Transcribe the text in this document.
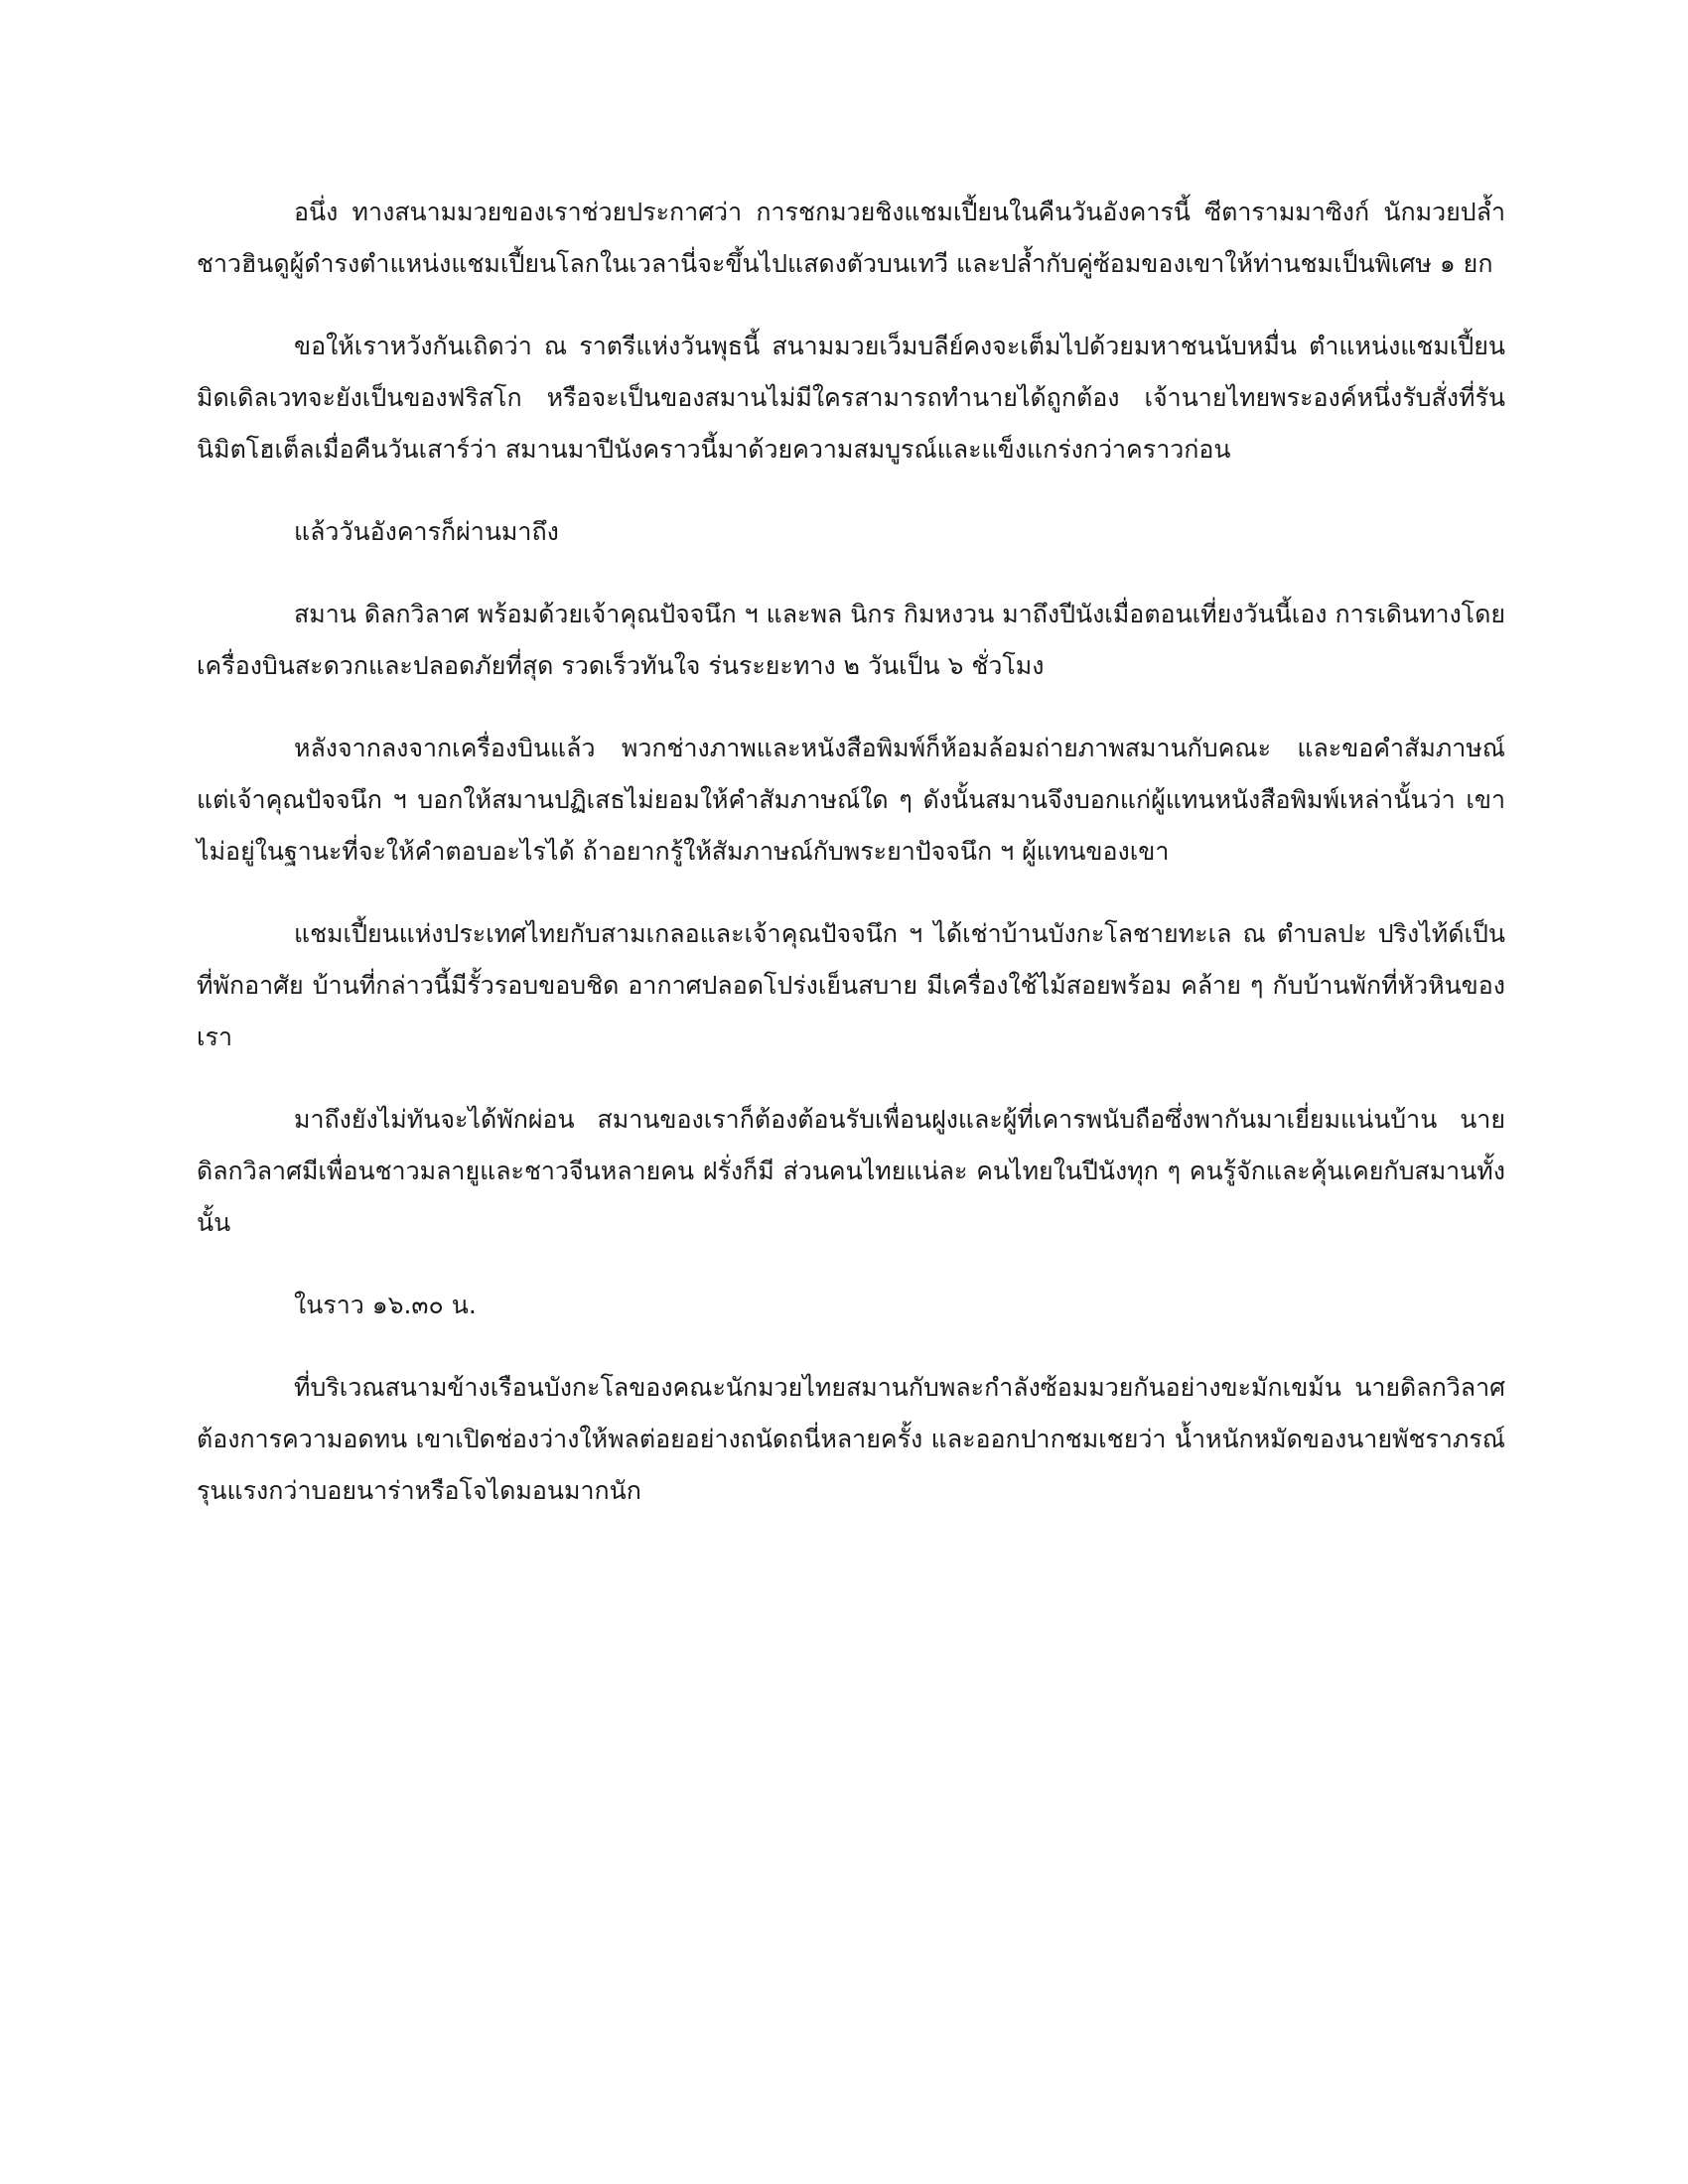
อนึ่ง ทางสนามมวยของเราช่วยประกาศว่า การชกมวยชิงแชมเปี้ยนในคืนวันอังคารนี้ ซีตารามมาซิงก์ นักมวยปล้ำชาวฮินดูผู้ดำรงตำแหน่งแชมเปี้ยนโลกในเวลานี่จะขึ้นไปแสดงตัวบนเทวี และปล้ำกับคู่ซ้อมของเขาให้ท่านชมเป็นพิเศษ ๑ ยก

ขอให้เราหวังกันเถิดว่า ณ ราตรีแห่งวันพุธนี้ สนามมวยเว็มบลีย์คงจะเต็มไปด้วยมหาชนนับหมื่น ตำแหน่งแชมเปี้ยนมิดเดิลเวทจะยังเป็นของฟริสโก หรือจะเป็นของสมานไม่มีใครสามารถทำนายได้ถูกต้อง เจ้านายไทยพระองค์หนึ่งรับสั่งที่รันนิมิตโฮเต็ลเมื่อคืนวันเสาร์ว่า สมานมาปีนังคราวนี้มาด้วยความสมบูรณ์และแข็งแกร่งกว่าคราวก่อน

แล้ววันอังคารก็ผ่านมาถึง

สมาน ดิลกวิลาศ พร้อมด้วยเจ้าคุณปัจจนึก ฯ และพล นิกร กิมหงวน มาถึงปีนังเมื่อตอนเที่ยงวันนี้เอง การเดินทางโดยเครื่องบินสะดวกและปลอดภัยที่สุด รวดเร็วทันใจ ร่นระยะทาง ๒ วันเป็น ๖ ชั่วโมง

หลังจากลงจากเครื่องบินแล้ว พวกช่างภาพและหนังสือพิมพ์ก็ห้อมล้อมถ่ายภาพสมานกับคณะ และขอคำสัมภาษณ์ แต่เจ้าคุณปัจจนึก ฯ บอกให้สมานปฏิเสธไม่ยอมให้คำสัมภาษณ์ใด ๆ ดังนั้นสมานจึงบอกแก่ผู้แทนหนังสือพิมพ์เหล่านั้นว่า เขาไม่อยู่ในฐานะที่จะให้คำตอบอะไรได้ ถ้าอยากรู้ให้สัมภาษณ์กับพระยาปัจจนึก ฯ ผู้แทนของเขา

แชมเปี้ยนแห่งประเทศไทยกับสามเกลอและเจ้าคุณปัจจนึก ฯ ได้เช่าบ้านบังกะโลชายทะเล ณ ตำบลปะ ปริงไท้ด์เป็นที่พักอาศัย บ้านที่กล่าวนี้มีรั้วรอบขอบชิด อากาศปลอดโปร่งเย็นสบาย มีเครื่องใช้ไม้สอยพร้อม คล้าย ๆ กับบ้านพักที่หัวหินของเรา

มาถึงยังไม่ทันจะได้พักผ่อน สมานของเราก็ต้องต้อนรับเพื่อนฝูงและผู้ที่เคารพนับถือซึ่งพากันมาเยี่ยมแน่นบ้าน นายดิลกวิลาศมีเพื่อนชาวมลายูและชาวจีนหลายคน ฝรั่งก็มี ส่วนคนไทยแน่ละ คนไทยในปีนังทุก ๆ คนรู้จักและคุ้นเคยกับสมานทั้งนั้น

ในราว ๑๖.๓๐ น.

ที่บริเวณสนามข้างเรือนบังกะโลของคณะนักมวยไทยสมานกับพละกำลังซ้อมมวยกันอย่างขะมักเขม้น นายดิลกวิลาศต้องการความอดทน เขาเปิดช่องว่างให้พลต่อยอย่างถนัดถนี่หลายครั้ง และออกปากชมเชยว่า น้ำหนักหมัดของนายพัชราภรณ์รุนแรงกว่าบอยนาร่าหรือโจไดมอนมากนัก
